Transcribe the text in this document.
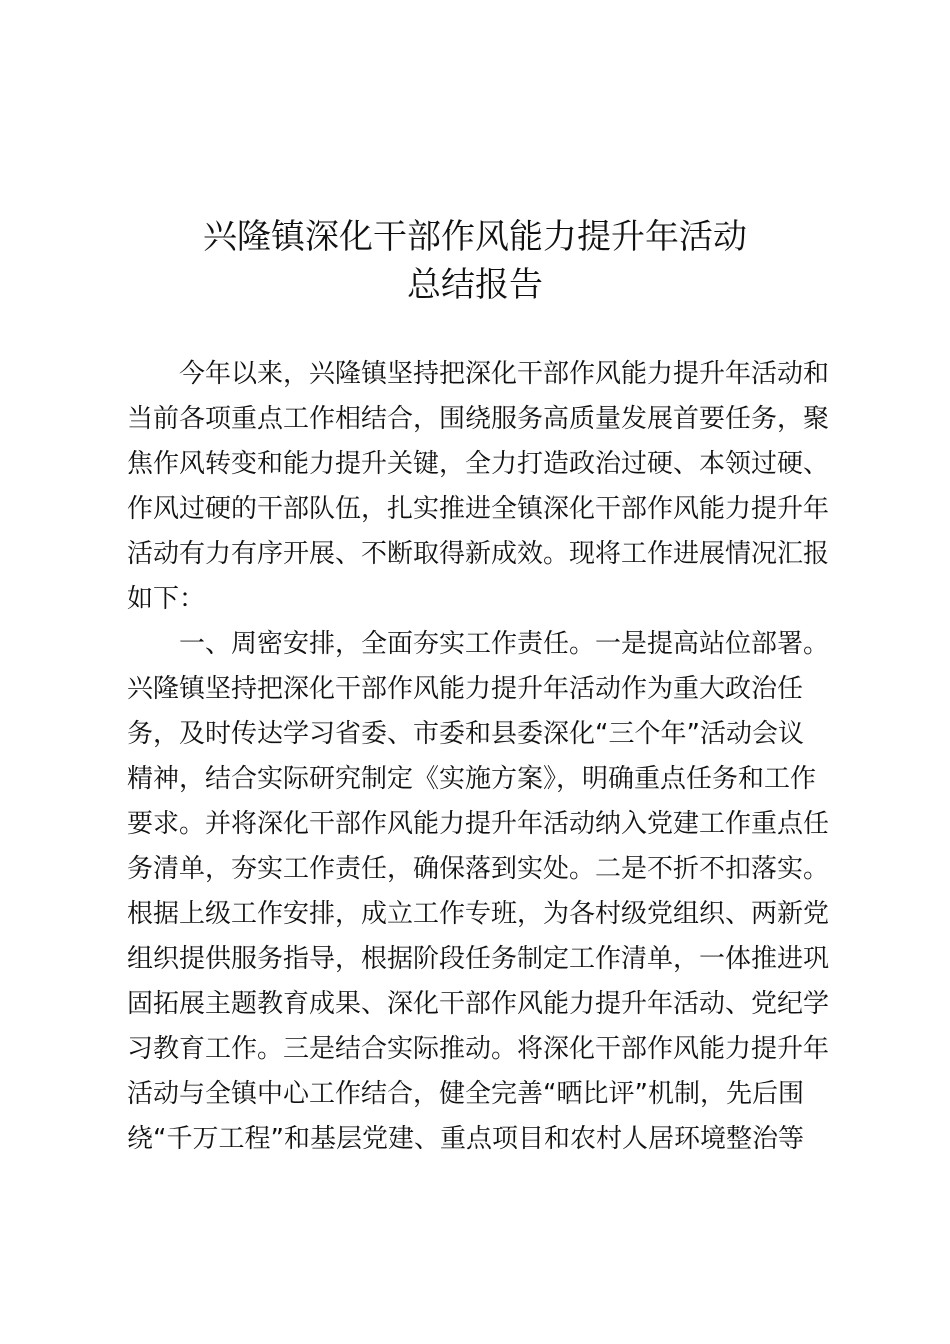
兴隆镇深化干部作风能力提升年活动
总结报告
今年以来，兴隆镇坚持把深化干部作风能力提升年活动和
当前各项重点工作相结合，围绕服务高质量发展首要任务，聚
焦作风转变和能力提升关键，全力打造政治过硬、本领过硬、
作风过硬的干部队伍，扎实推进全镇深化干部作风能力提升年
活动有力有序开展、不断取得新成效。现将工作进展情况汇报
如下：
一、周密安排，全面夯实工作责任。一是提高站位部署。
兴隆镇坚持把深化干部作风能力提升年活动作为重大政治任
务，及时传达学习省委、市委和县委深化“三个年”活动会议
精神，结合实际研究制定《实施方案》，明确重点任务和工作
要求。并将深化干部作风能力提升年活动纳入党建工作重点任
务清单，夯实工作责任，确保落到实处。二是不折不扣落实。
根据上级工作安排，成立工作专班，为各村级党组织、两新党
组织提供服务指导，根据阶段任务制定工作清单，一体推进巩
固拓展主题教育成果、深化干部作风能力提升年活动、党纪学
习教育工作。三是结合实际推动。将深化干部作风能力提升年
活动与全镇中心工作结合，健全完善“晒比评”机制，先后围
绕“千万工程”和基层党建、重点项目和农村人居环境整治等
